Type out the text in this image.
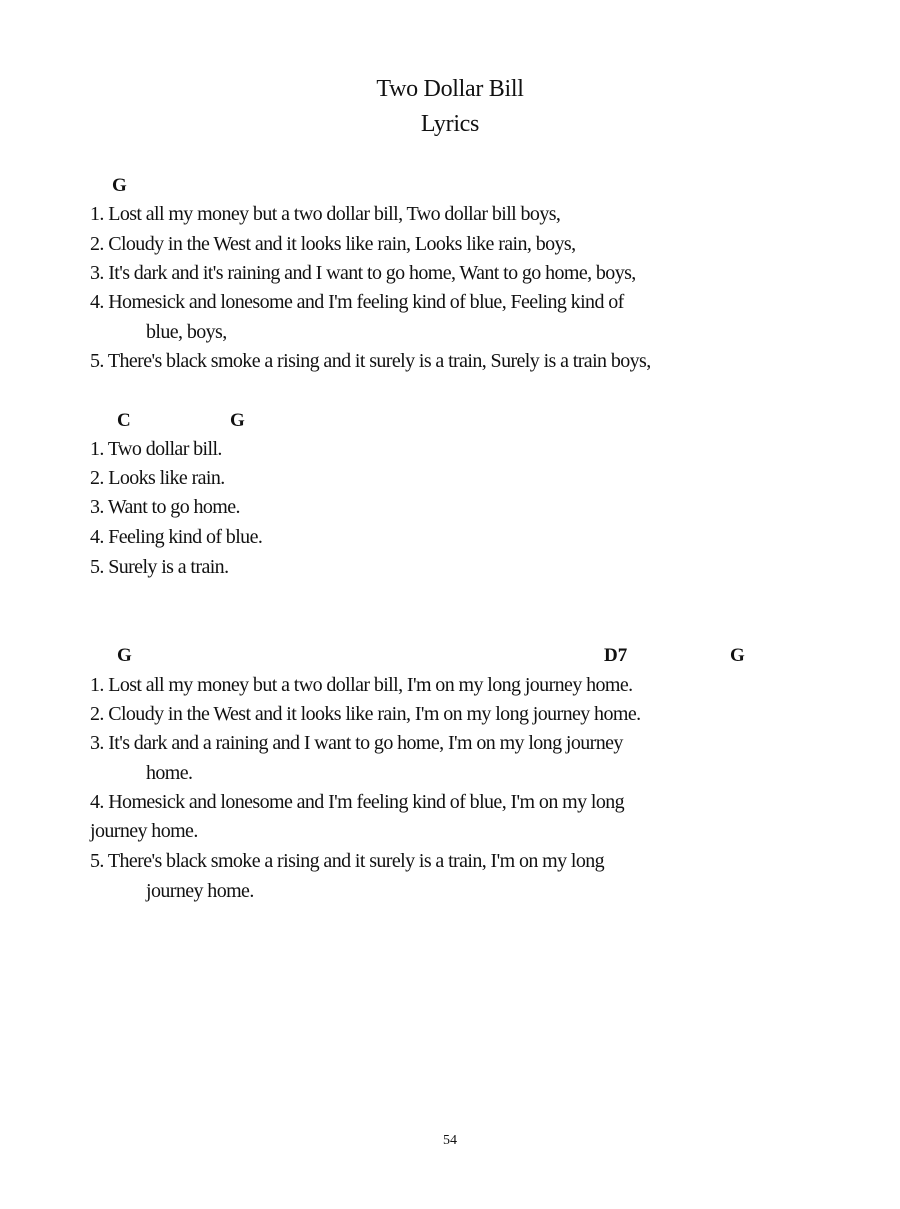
Two Dollar Bill
Lyrics
G
1. Lost all my money but a two dollar bill, Two dollar bill boys,
2. Cloudy in the West and it looks like rain, Looks like rain, boys,
3. It's dark and it's raining and I want to go home, Want to go home, boys,
4. Homesick and lonesome and I'm feeling kind of blue, Feeling kind of
blue, boys,
5. There's black smoke a rising and it surely is a train, Surely is a train boys,
C	G
1. Two dollar bill.
2. Looks like rain.
3. Want to go home.
4. Feeling kind of blue.
5. Surely is a train.
G	D7	G
1. Lost all my money but a two dollar bill, I'm on my long journey home.
2. Cloudy in the West and it looks like rain, I'm on my long journey home.
3. It's dark and a raining and I want to go home, I'm on my long journey
home.
4. Homesick and lonesome and I'm feeling kind of blue, I'm on my long
journey home.
5. There's black smoke a rising and it surely is a train, I'm on my long
journey home.
54
